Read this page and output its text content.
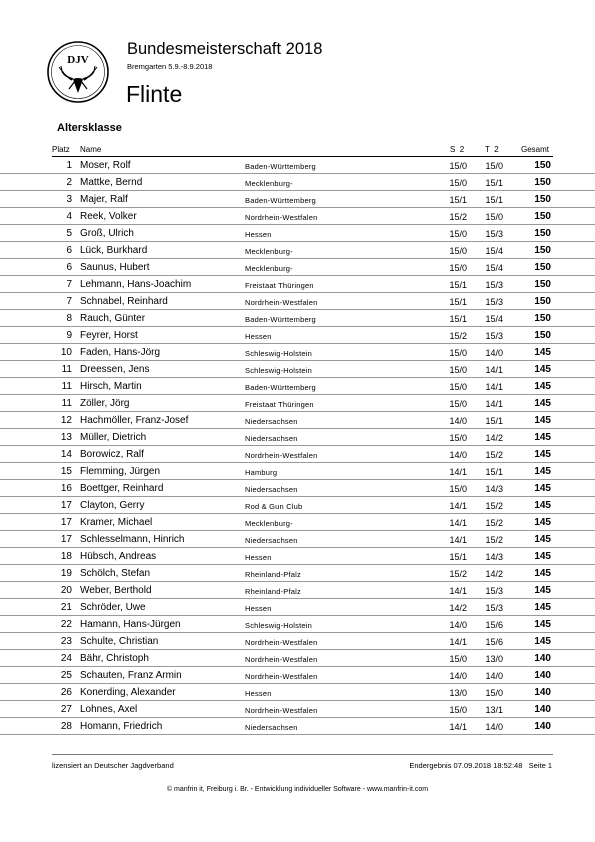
DJV
Bundesmeisterschaft 2018
Bremgarten 5.9.-8.9.2018
Flinte
Altersklasse
Platz Name	S  2	T  2	Gesamt
1 Moser, Rolf	Baden-Württemberg	15/0	15/0	150
2 Mattke, Bernd	Mecklenburg-	15/0	15/1	150
3 Majer, Ralf	Baden-Württemberg	15/1	15/1	150
4 Reek, Volker	Nordrhein-Westfalen	15/2	15/0	150
5 Groß, Ulrich	Hessen	15/0	15/3	150
6 Lück, Burkhard	Mecklenburg-	15/0	15/4	150
6 Saunus, Hubert	Mecklenburg-	15/0	15/4	150
7 Lehmann, Hans-Joachim	Freistaat Thüringen	15/1	15/3	150
7 Schnabel, Reinhard	Nordrhein-Westfalen	15/1	15/3	150
8 Rauch, Günter	Baden-Württemberg	15/1	15/4	150
9 Feyrer, Horst	Hessen	15/2	15/3	150
10 Faden, Hans-Jörg	Schleswig-Holstein	15/0	14/0	145
11 Dreessen, Jens	Schleswig-Holstein	15/0	14/1	145
11 Hirsch, Martin	Baden-Württemberg	15/0	14/1	145
11 Zöller, Jörg	Freistaat Thüringen	15/0	14/1	145
12 Hachmöller, Franz-Josef	Niedersachsen	14/0	15/1	145
13 Müller, Dietrich	Niedersachsen	15/0	14/2	145
14 Borowicz, Ralf	Nordrhein-Westfalen	14/0	15/2	145
15 Flemming, Jürgen	Hamburg	14/1	15/1	145
16 Boettger, Reinhard	Niedersachsen	15/0	14/3	145
17 Clayton, Gerry	Rod & Gun Club	14/1	15/2	145
17 Kramer, Michael	Mecklenburg-	14/1	15/2	145
17 Schlesselmann, Hinrich	Niedersachsen	14/1	15/2	145
18 Hübsch, Andreas	Hessen	15/1	14/3	145
19 Schölch, Stefan	Rheinland-Pfalz	15/2	14/2	145
20 Weber, Berthold	Rheinland-Pfalz	14/1	15/3	145
21 Schröder, Uwe	Hessen	14/2	15/3	145
22 Hamann, Hans-Jürgen	Schleswig-Holstein	14/0	15/6	145
23 Schulte, Christian	Nordrhein-Westfalen	14/1	15/6	145
24 Bähr, Christoph	Nordrhein-Westfalen	15/0	13/0	140
25 Schauten, Franz Armin	Nordrhein-Westfalen	14/0	14/0	140
26 Konerding, Alexander	Hessen	13/0	15/0	140
27 Lohnes, Axel	Nordrhein-Westfalen	15/0	13/1	140
28 Homann, Friedrich	Niedersachsen	14/1	14/0	140
lizensiert an Deutscher Jagdverband	Endergebnis 07.09.2018 18:52:48 Seite 1
© manfrin it, Freiburg i. Br. - Entwicklung individueller Software - www.manfrin-it.com
